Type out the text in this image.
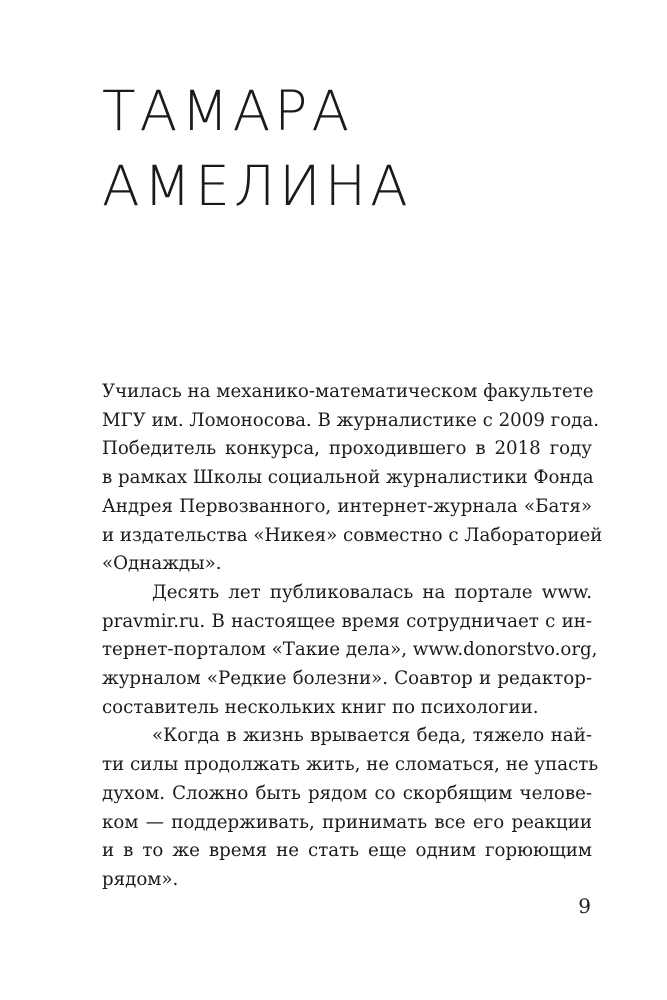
ТАМАРА
АМЕЛИНА
Училась на механико-математическом факультете
МГУ им. Ломоносова. В журналистике с 2009 года.
Победитель конкурса, проходившего в 2018 году
в рамках Школы социальной журналистики Фонда
Андрея Первозванного, интернет-журнала «Батя»
и издательства «Никея» совместно с Лабораторией
«Однажды».
Десять лет публиковалась на портале www.
pravmir.ru. В настоящее время сотрудничает с ин-
тернет-порталом «Такие дела», www.donorstvo.org,
журналом «Редкие болезни». Соавтор и редактор-
составитель нескольких книг по психологии.
«Когда в жизнь врывается беда, тяжело най-
ти силы продолжать жить, не сломаться, не упасть
духом. Сложно быть рядом со скорбящим челове-
ком — поддерживать, принимать все его реакции
и в то же время не стать еще одним горюющим
рядом».
9
